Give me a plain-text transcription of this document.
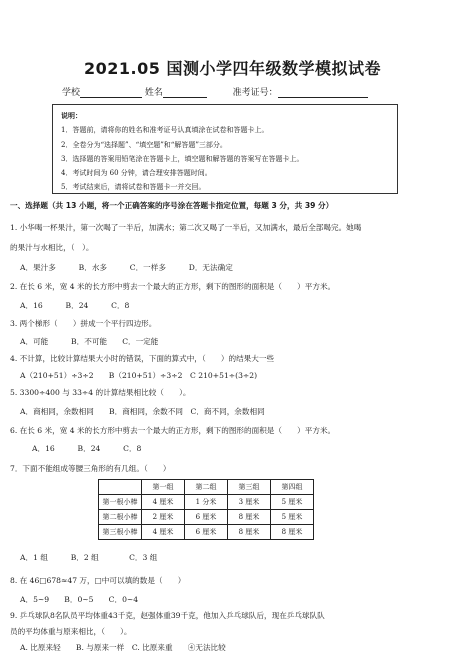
2021.05 国测小学四年级数学模拟试卷
学校	姓名	准考证号：
说明：
1．答题前，请将你的姓名和准考证号认真填涂在试卷和答题卡上。
2．全卷分为“选择题”、“填空题”和“解答题”三部分。
3．选择题的答案用铅笔涂在答题卡上，填空题和解答题的答案写在答题卡上。
4．考试时间为 60 分钟，请合理安排答题时间。
5．考试结束后，请将试卷和答题卡一并交回。
一、选择题（共 13 小题，将一个正确答案的序号涂在答题卡指定位置，每题 3 分，共 39 分）
1. 小华喝一杯果汁，第一次喝了一半后，加满水；第二次又喝了一半后，又加满水，最后全部喝完。她喝
的果汁与水相比，（　）。
A．果汁多　　　B．水多　　　C．一样多　　　D．无法确定
2. 在长 6 米，宽 4 米的长方形中剪去一个最大的正方形，剩下的图形的面积是（　　）平方米。
A．16　　　B．24　　　C．8
3. 两个梯形（　　）拼成一个平行四边形。
A．可能　　　B．不可能　　C．一定能
4. 不计算，比较计算结果大小时的错误，下面的算式中，（　　）的结果大一些
A（210+51）÷3÷2　　B（210+51）÷3÷2　C 210+51÷(3÷2)
5. 3300÷400 与 33÷4 的计算结果相比较（　　）。
A．商相同，余数相同　　B．商相同，余数不同　C．商不同，余数相同
6. 在长 6 米，宽 4 米的长方形中剪去一个最大的正方形，剩下的图形的面积是（　　）平方米。
A．16　　　B．24　　　C．8
7．下面不能组成等腰三角形的有几组。（　　）
	第一组	第二组	第三组	第四组
第一根小棒	4 厘米	1 分米	3 厘米	5 厘米
第二根小棒	2 厘米	6 厘米	8 厘米	5 厘米
第三根小棒	4 厘米	6 厘米	8 厘米	8 厘米
A．1 组　　　B．2 组　　　　C．3 组
8. 在 46□678≈47 万，□中可以填的数是（　　）
A．5~9　　B．0~5　　C．0~4
9. 乒乓球队8名队员平均体重43千克，赵强体重39千克，他加入乒乓球队后，现在乒乓球队队
员的平均体重与原来相比，（　　）。
A. 比原来轻　　B. 与原来一样　C. 比原来重　　④无法比较
